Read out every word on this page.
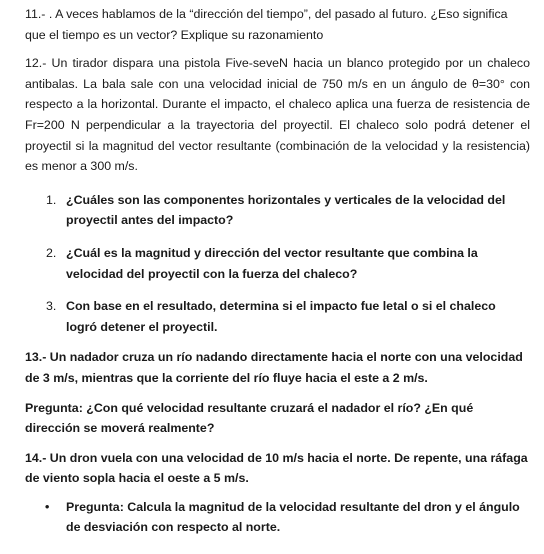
11.- . A veces hablamos de la “dirección del tiempo”, del pasado al futuro. ¿Eso significa que el tiempo es un vector? Explique su razonamiento

12.- Un tirador dispara una pistola Five-seveN hacia un blanco protegido por un chaleco antibalas. La bala sale con una velocidad inicial de 750 m/s en un ángulo de θ=30° con respecto a la horizontal. Durante el impacto, el chaleco aplica una fuerza de resistencia de Fr=200 N perpendicular a la trayectoria del proyectil. El chaleco solo podrá detener el proyectil si la magnitud del vector resultante (combinación de la velocidad y la resistencia) es menor a 300 m/s.

1. ¿Cuáles son las componentes horizontales y verticales de la velocidad del proyectil antes del impacto?
2. ¿Cuál es la magnitud y dirección del vector resultante que combina la velocidad del proyectil con la fuerza del chaleco?
3. Con base en el resultado, determina si el impacto fue letal o si el chaleco logró detener el proyectil.

13.- Un nadador cruza un río nadando directamente hacia el norte con una velocidad de 3 m/s, mientras que la corriente del río fluye hacia el este a 2 m/s.

Pregunta: ¿Con qué velocidad resultante cruzará el nadador el río? ¿En qué dirección se moverá realmente?

14.- Un dron vuela con una velocidad de 10 m/s hacia el norte. De repente, una ráfaga de viento sopla hacia el oeste a 5 m/s.

• Pregunta: Calcula la magnitud de la velocidad resultante del dron y el ángulo de desviación con respecto al norte.
